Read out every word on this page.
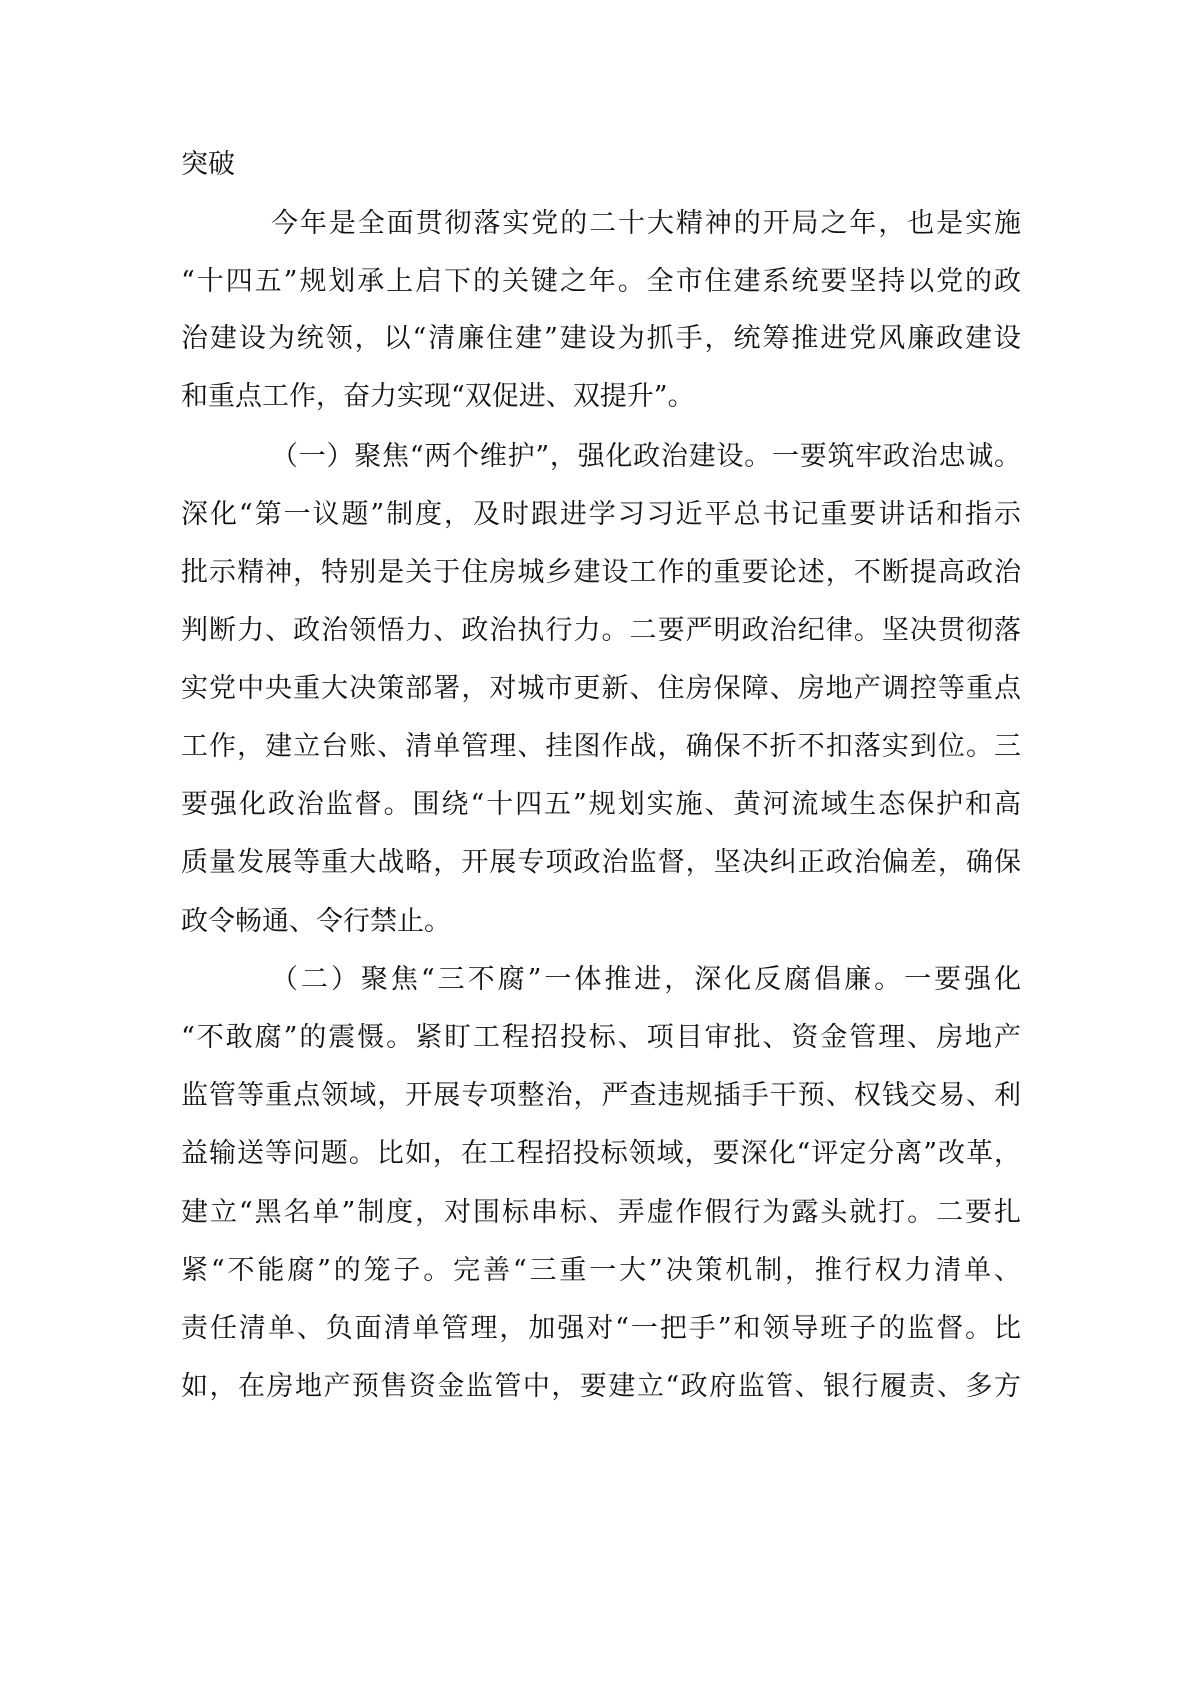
突破
今年是全面贯彻落实党的二十大精神的开局之年，也是实施
“十四五”规划承上启下的关键之年。全市住建系统要坚持以党的政
治建设为统领，以“清廉住建”建设为抓手，统筹推进党风廉政建设
和重点工作，奋力实现“双促进、双提升”。
（一）聚焦“两个维护”，强化政治建设。一要筑牢政治忠诚。
深化“第一议题”制度，及时跟进学习习近平总书记重要讲话和指示
批示精神，特别是关于住房城乡建设工作的重要论述，不断提高政治
判断力、政治领悟力、政治执行力。二要严明政治纪律。坚决贯彻落
实党中央重大决策部署，对城市更新、住房保障、房地产调控等重点
工作，建立台账、清单管理、挂图作战，确保不折不扣落实到位。三
要强化政治监督。围绕“十四五”规划实施、黄河流域生态保护和高
质量发展等重大战略，开展专项政治监督，坚决纠正政治偏差，确保
政令畅通、令行禁止。
（二）聚焦“三不腐”一体推进，深化反腐倡廉。一要强化
“不敢腐”的震慑。紧盯工程招投标、项目审批、资金管理、房地产
监管等重点领域，开展专项整治，严查违规插手干预、权钱交易、利
益输送等问题。比如，在工程招投标领域，要深化“评定分离”改革，
建立“黑名单”制度，对围标串标、弄虚作假行为露头就打。二要扎
紧“不能腐”的笼子。完善“三重一大”决策机制，推行权力清单、
责任清单、负面清单管理，加强对“一把手”和领导班子的监督。比
如，在房地产预售资金监管中，要建立“政府监管、银行履责、多方
